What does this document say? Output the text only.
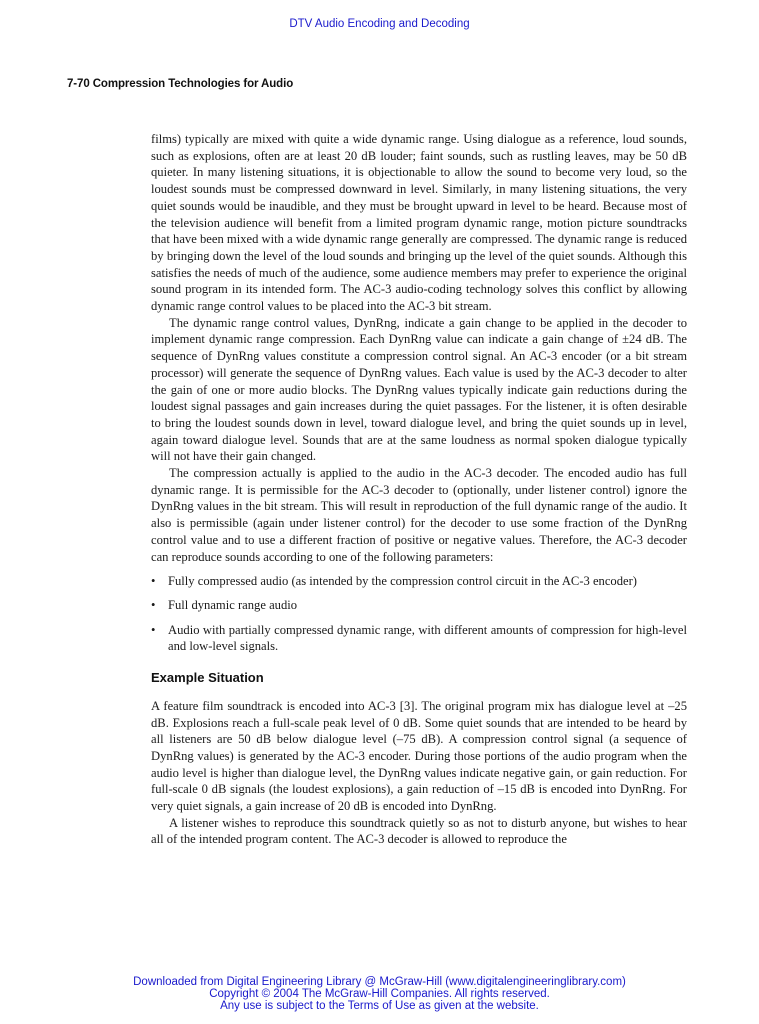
DTV Audio Encoding and Decoding
7-70 Compression Technologies for Audio

films) typically are mixed with quite a wide dynamic range. Using dialogue as a reference, loud sounds, such as explosions, often are at least 20 dB louder; faint sounds, such as rustling leaves, may be 50 dB quieter. In many listening situations, it is objectionable to allow the sound to become very loud, so the loudest sounds must be compressed downward in level. Similarly, in many listening situations, the very quiet sounds would be inaudible, and they must be brought upward in level to be heard. Because most of the television audience will benefit from a limited program dynamic range, motion picture soundtracks that have been mixed with a wide dynamic range generally are compressed. The dynamic range is reduced by bringing down the level of the loud sounds and bringing up the level of the quiet sounds. Although this satisfies the needs of much of the audience, some audience members may prefer to experience the original sound program in its intended form. The AC-3 audio-coding technology solves this conflict by allowing dynamic range control values to be placed into the AC-3 bit stream.

The dynamic range control values, DynRng, indicate a gain change to be applied in the decoder to implement dynamic range compression. Each DynRng value can indicate a gain change of ±24 dB. The sequence of DynRng values constitute a compression control signal. An AC-3 encoder (or a bit stream processor) will generate the sequence of DynRng values. Each value is used by the AC-3 decoder to alter the gain of one or more audio blocks. The DynRng values typically indicate gain reductions during the loudest signal passages and gain increases during the quiet passages. For the listener, it is often desirable to bring the loudest sounds down in level, toward dialogue level, and bring the quiet sounds up in level, again toward dialogue level. Sounds that are at the same loudness as normal spoken dialogue typically will not have their gain changed.

The compression actually is applied to the audio in the AC-3 decoder. The encoded audio has full dynamic range. It is permissible for the AC-3 decoder to (optionally, under listener control) ignore the DynRng values in the bit stream. This will result in reproduction of the full dynamic range of the audio. It also is permissible (again under listener control) for the decoder to use some fraction of the DynRng control value and to use a different fraction of positive or negative values. Therefore, the AC-3 decoder can reproduce sounds according to one of the following parameters:

• Fully compressed audio (as intended by the compression control circuit in the AC-3 encoder)
• Full dynamic range audio
• Audio with partially compressed dynamic range, with different amounts of compression for high-level and low-level signals.
Example Situation

A feature film soundtrack is encoded into AC-3 [3]. The original program mix has dialogue level at –25 dB. Explosions reach a full-scale peak level of 0 dB. Some quiet sounds that are intended to be heard by all listeners are 50 dB below dialogue level (–75 dB). A compression control signal (a sequence of DynRng values) is generated by the AC-3 encoder. During those portions of the audio program when the audio level is higher than dialogue level, the DynRng values indicate negative gain, or gain reduction. For full-scale 0 dB signals (the loudest explosions), a gain reduction of –15 dB is encoded into DynRng. For very quiet signals, a gain increase of 20 dB is encoded into DynRng.

A listener wishes to reproduce this soundtrack quietly so as not to disturb anyone, but wishes to hear all of the intended program content. The AC-3 decoder is allowed to reproduce the

Downloaded from Digital Engineering Library @ McGraw-Hill (www.digitalengineeringlibrary.com)
Copyright © 2004 The McGraw-Hill Companies. All rights reserved.
Any use is subject to the Terms of Use as given at the website.
